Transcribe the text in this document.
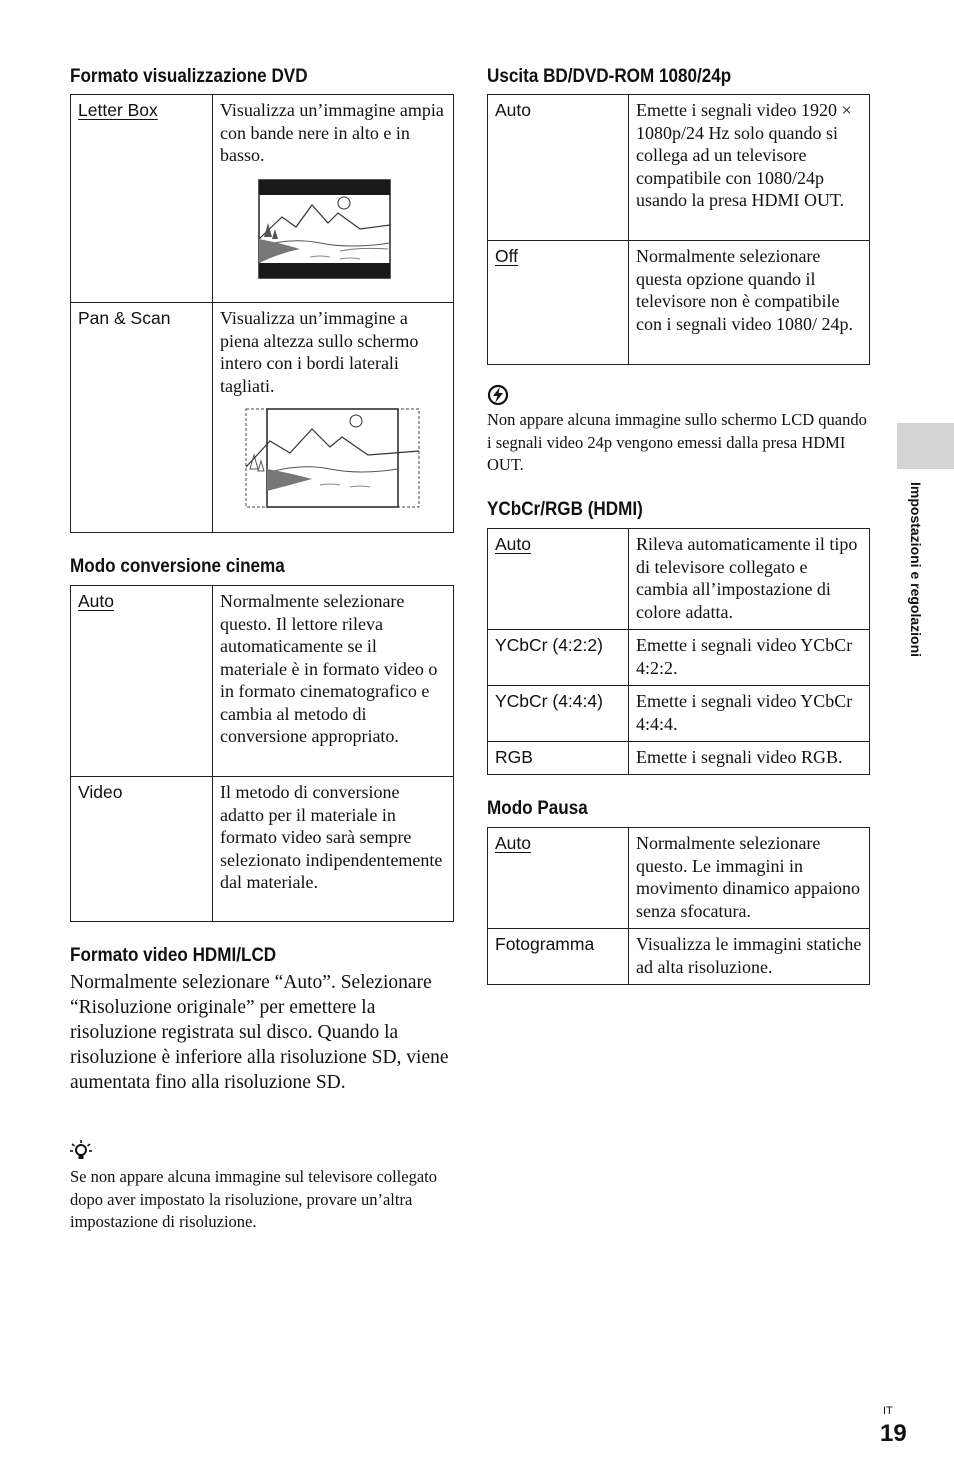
Formato visualizzazione DVD
Letter Box	Visualizza un’immagine ampia con bande nere in alto e in basso.

Pan & Scan	Visualizza un’immagine a piena altezza sullo schermo intero con i bordi laterali tagliati.
Modo conversione cinema
Auto	Normalmente selezionare questo. Il lettore rileva automaticamente se il materiale è in formato video o in formato cinematografico e cambia al metodo di conversione appropriato.
Video	Il metodo di conversione adatto per il materiale in formato video sarà sempre selezionato indipendentemente dal materiale.
Formato video HDMI/LCD
Normalmente selezionare “Auto”. Selezionare “Risoluzione originale” per emettere la risoluzione registrata sul disco. Quando la risoluzione è inferiore alla risoluzione SD, viene aumentata fino alla risoluzione SD.
Se non appare alcuna immagine sul televisore collegato dopo aver impostato la risoluzione, provare un’altra impostazione di risoluzione.
Uscita BD/DVD-ROM 1080/24p
Auto	Emette i segnali video 1920 × 1080p/24 Hz solo quando si collega ad un televisore compatibile con 1080/24p usando la presa HDMI OUT.
Off	Normalmente selezionare questa opzione quando il televisore non è compatibile con i segnali video 1080/ 24p.
Non appare alcuna immagine sullo schermo LCD quando i segnali video 24p vengono emessi dalla presa HDMI OUT.
YCbCr/RGB (HDMI)
Auto	Rileva automaticamente il tipo di televisore collegato e cambia all’impostazione di colore adatta.
YCbCr (4:2:2)	Emette i segnali video YCbCr 4:2:2.
YCbCr (4:4:4)	Emette i segnali video YCbCr 4:4:4.
RGB	Emette i segnali video RGB.
Modo Pausa
Auto	Normalmente selezionare questo. Le immagini in movimento dinamico appaiono senza sfocatura.
Fotogramma	Visualizza le immagini statiche ad alta risoluzione.
Impostazioni e regolazioni
IT
19
